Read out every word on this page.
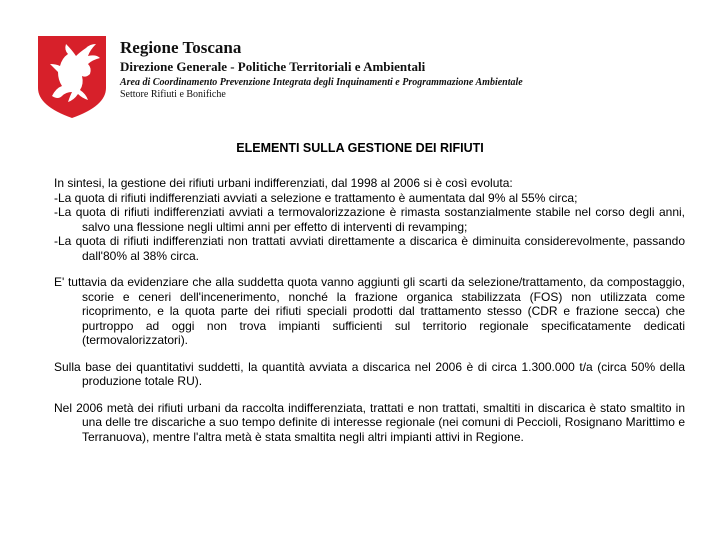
Regione Toscana
Direzione Generale - Politiche Territoriali e Ambientali
Area di Coordinamento Prevenzione Integrata degli Inquinamenti e Programmazione Ambientale
Settore Rifiuti e Bonifiche
ELEMENTI SULLA GESTIONE DEI RIFIUTI
In sintesi, la gestione dei rifiuti urbani indifferenziati, dal 1998 al 2006 si è così evoluta:
-La quota di rifiuti indifferenziati avviati a selezione e trattamento è aumentata dal 9% al 55% circa;
-La quota di rifiuti indifferenziati avviati a termovalorizzazione è rimasta sostanzialmente stabile nel corso degli anni, salvo una flessione negli ultimi anni per effetto di interventi di revamping;
-La quota di rifiuti indifferenziati non trattati avviati direttamente a discarica è diminuita considerevolmente, passando dall'80% al 38% circa.
E' tuttavia da evidenziare che alla suddetta quota vanno aggiunti gli scarti da selezione/trattamento, da compostaggio, scorie e ceneri dell'incenerimento, nonché la frazione organica stabilizzata (FOS) non utilizzata come ricoprimento, e la quota parte dei rifiuti speciali prodotti dal trattamento stesso (CDR e frazione secca) che purtroppo ad oggi non trova impianti sufficienti sul territorio regionale specificatamente dedicati (termovalorizzatori).
Sulla base dei quantitativi suddetti, la quantità avviata a discarica nel 2006 è di circa 1.300.000 t/a (circa 50% della produzione totale RU).
Nel 2006 metà dei rifiuti urbani da raccolta indifferenziata, trattati e non trattati, smaltiti in discarica è stato smaltito in una delle tre discariche a suo tempo definite di interesse regionale (nei comuni di Peccioli, Rosignano Marittimo e Terranuova), mentre l'altra metà è stata smaltita negli altri impianti attivi in Regione.
